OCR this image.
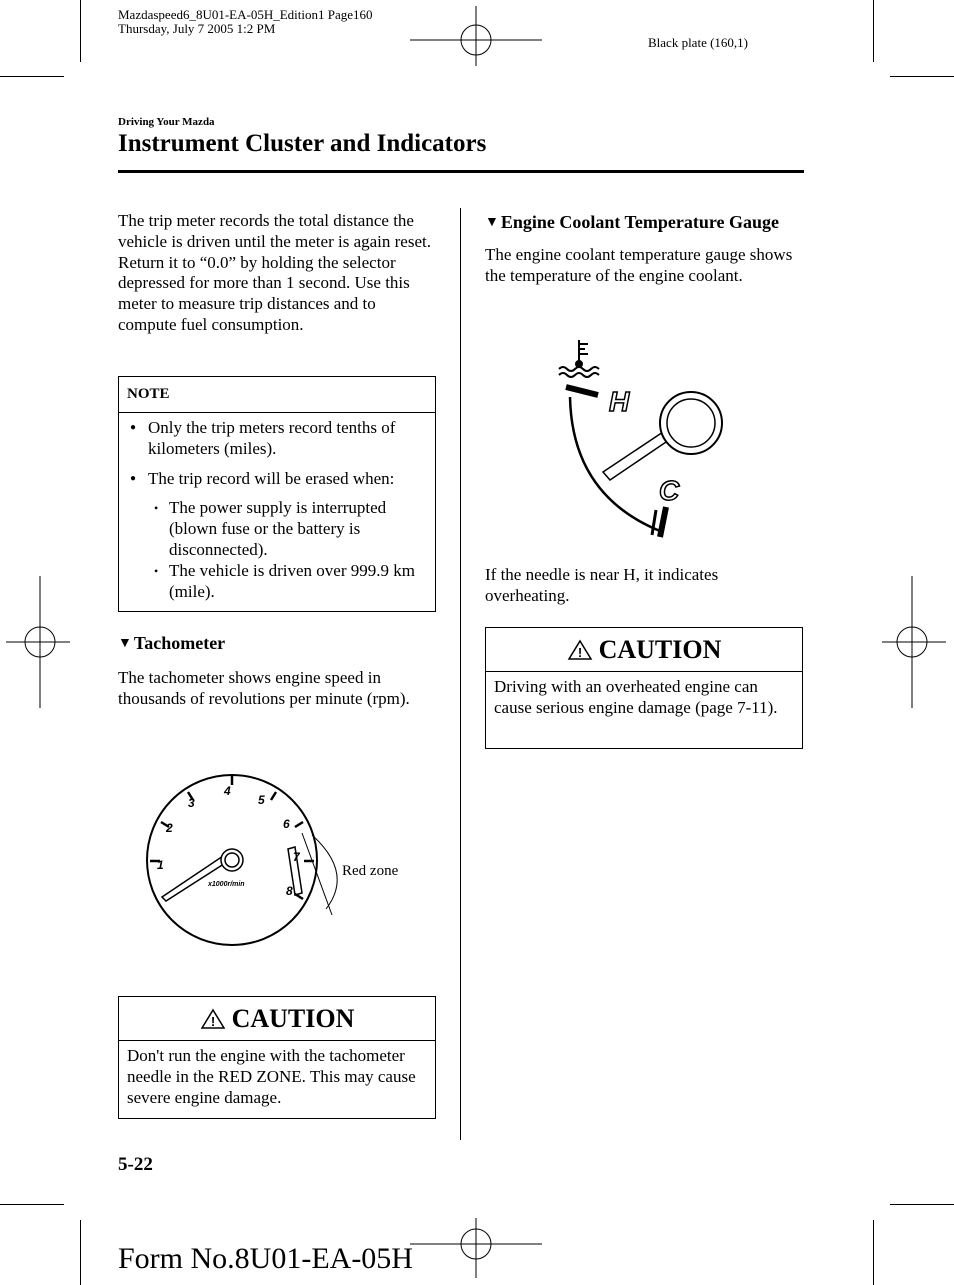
Mazdaspeed6_8U01-EA-05H_Edition1 Page160
Thursday, July 7 2005 1:2 PM
Black plate (160,1)
Driving Your Mazda
Instrument Cluster and Indicators
The trip meter records the total distance the vehicle is driven until the meter is again reset. Return it to “0.0” by holding the selector depressed for more than 1 second. Use this meter to measure trip distances and to compute fuel consumption.
NOTE
● Only the trip meters record tenths of kilometers (miles).
● The trip record will be erased when:
• The power supply is interrupted (blown fuse or the battery is disconnected).
• The vehicle is driven over 999.9 km (mile).
▼ Tachometer
The tachometer shows engine speed in thousands of revolutions per minute (rpm).
1
2
3
4
5
6
7
8
x1000r/min
Red zone
! CAUTION
Don't run the engine with the tachometer needle in the RED ZONE. This may cause severe engine damage.
▼ Engine Coolant Temperature Gauge
The engine coolant temperature gauge shows the temperature of the engine coolant.
H
C
If the needle is near H, it indicates overheating.
! CAUTION
Driving with an overheated engine can cause serious engine damage (page 7-11).
5-22
Form No.8U01-EA-05H
